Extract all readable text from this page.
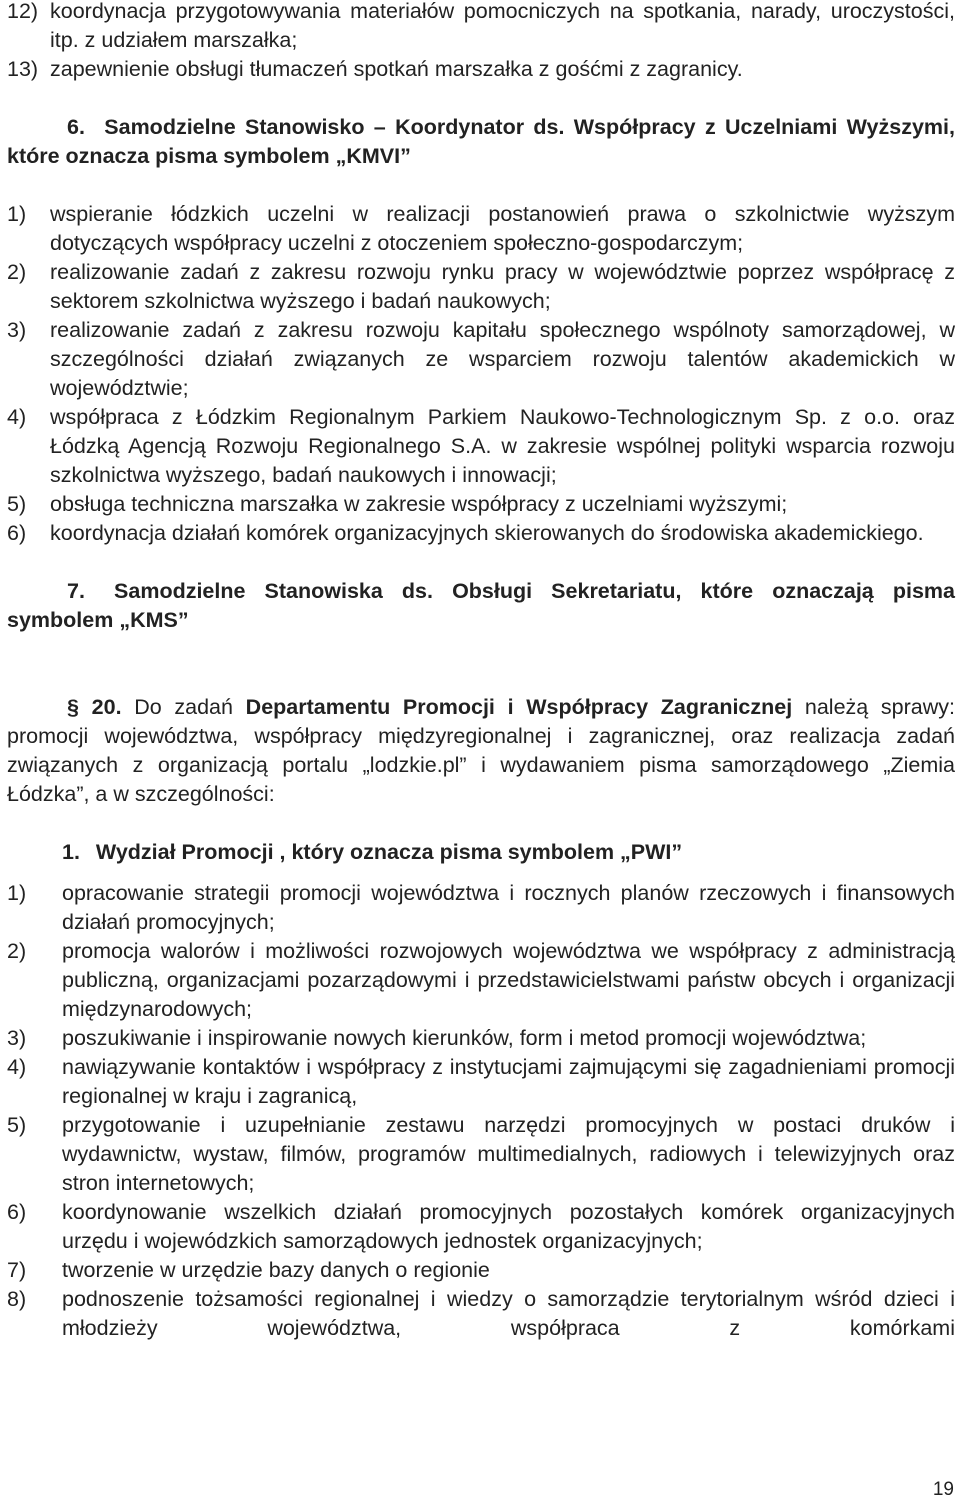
12) koordynacja przygotowywania materiałów pomocniczych na spotkania, narady, uroczystości, itp. z udziałem marszałka;
13) zapewnienie obsługi tłumaczeń spotkań marszałka z gośćmi z zagranicy.
6. Samodzielne Stanowisko – Koordynator ds. Współpracy z Uczelniami Wyższymi, które oznacza pisma symbolem „KMVI”
1)	wspieranie łódzkich uczelni w realizacji postanowień prawa o szkolnictwie wyższym dotyczących współpracy uczelni z otoczeniem społeczno-gospodarczym;
2)	realizowanie zadań z zakresu rozwoju rynku pracy w województwie poprzez współpracę z sektorem szkolnictwa wyższego i badań naukowych;
3)	realizowanie zadań z zakresu rozwoju kapitału społecznego wspólnoty samorządowej, w szczególności działań związanych ze wsparciem rozwoju talentów akademickich w województwie;
4)	współpraca z Łódzkim Regionalnym Parkiem Naukowo-Technologicznym Sp. z o.o. oraz Łódzką Agencją Rozwoju Regionalnego S.A. w zakresie wspólnej polityki wsparcia rozwoju szkolnictwa wyższego, badań naukowych i innowacji;
5)	obsługa techniczna marszałka w zakresie współpracy z uczelniami wyższymi;
6)	koordynacja działań komórek organizacyjnych skierowanych do środowiska akademickiego.
7. Samodzielne Stanowiska ds. Obsługi Sekretariatu, które oznaczają pisma symbolem „KMS”
§ 20. Do zadań Departamentu Promocji i Współpracy Zagranicznej należą sprawy: promocji województwa, współpracy międzyregionalnej i zagranicznej, oraz realizacja zadań związanych z organizacją portalu „lodzkie.pl” i wydawaniem pisma samorządowego „Ziemia Łódzka”, a w szczególności:
1. Wydział Promocji , który oznacza pisma symbolem „PWI”
1)	opracowanie strategii promocji województwa i rocznych planów rzeczowych i finansowych działań promocyjnych;
2)	promocja walorów i możliwości rozwojowych województwa we współpracy z administracją publiczną, organizacjami pozarządowymi i przedstawicielstwami państw obcych i organizacji międzynarodowych;
3)	poszukiwanie i inspirowanie nowych kierunków, form i metod promocji województwa;
4)	nawiązywanie kontaktów i współpracy z instytucjami zajmującymi się zagadnieniami promocji regionalnej w kraju i zagranicą,
5)	przygotowanie i uzupełnianie zestawu narzędzi promocyjnych w postaci druków i wydawnictw, wystaw, filmów, programów multimedialnych, radiowych i telewizyjnych oraz stron internetowych;
6)	koordynowanie wszelkich działań promocyjnych pozostałych komórek organizacyjnych urzędu i wojewódzkich samorządowych jednostek organizacyjnych;
7)	tworzenie w urzędzie bazy danych o regionie
8)	podnoszenie tożsamości regionalnej i wiedzy o samorządzie terytorialnym wśród dzieci i młodzieży województwa, współpraca z komórkami
19
